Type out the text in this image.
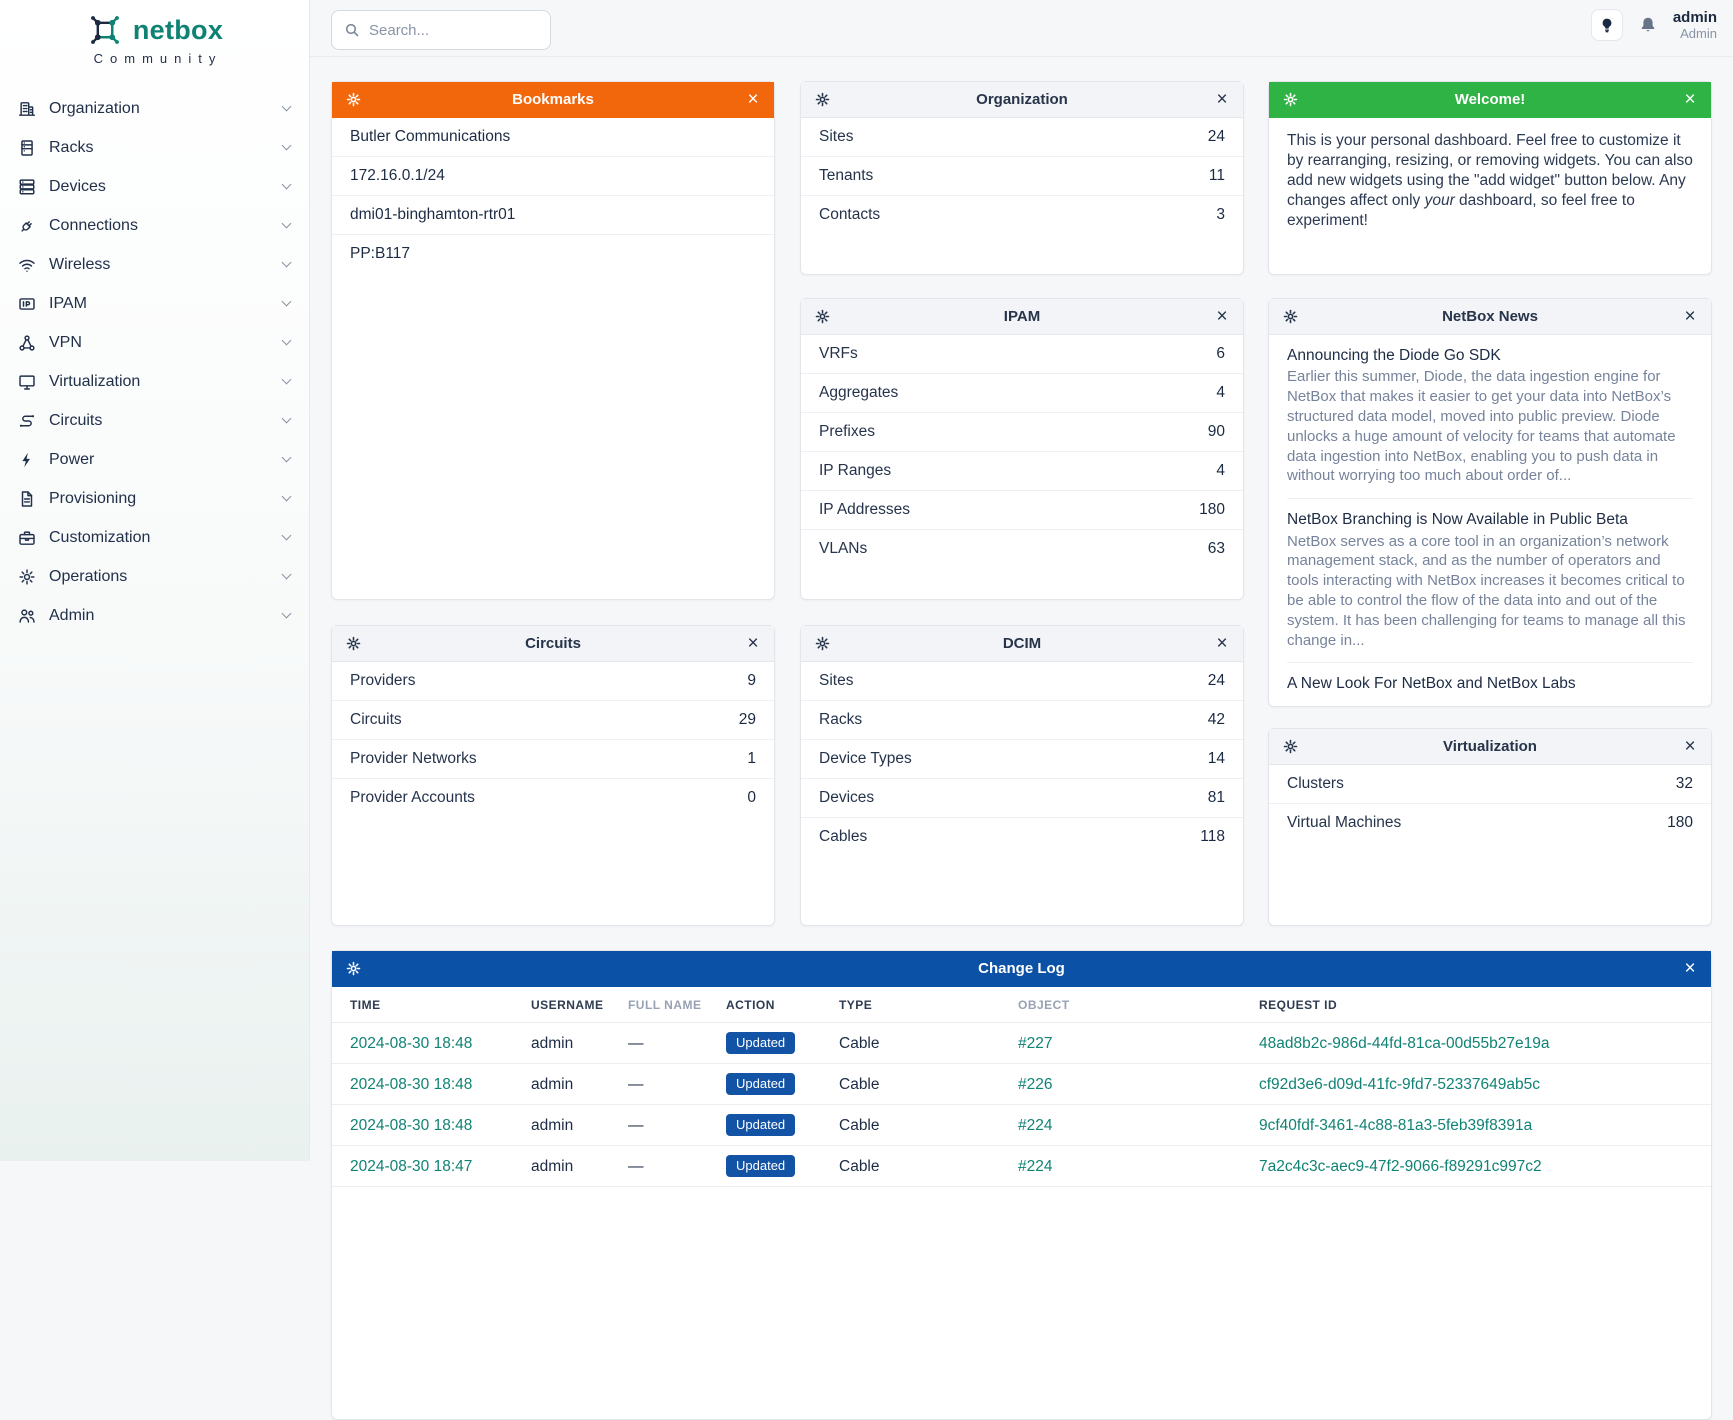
netbox
Community
Organization
Racks
Devices
Connections
Wireless
IPAM
VPN
Virtualization
Circuits
Power
Provisioning
Customization
Operations
Admin
Search...
admin
Admin
Bookmarks
×
Butler Communications
172.16.0.1/24
dmi01-binghamton-rtr01
PP:B117
Circuits
×
Providers	9
Circuits	29
Provider Networks	1
Provider Accounts	0
Organization
×
Sites	24
Tenants	11
Contacts	3
IPAM
×
VRFs	6
Aggregates	4
Prefixes	90
IP Ranges	4
IP Addresses	180
VLANs	63
DCIM
×
Sites	24
Racks	42
Device Types	14
Devices	81
Cables	118
Welcome!
×
This is your personal dashboard. Feel free to customize it by rearranging, resizing, or removing widgets. You can also add new widgets using the "add widget" button below. Any changes affect only your dashboard, so feel free to experiment!
NetBox News
×
Announcing the Diode Go SDK
Earlier this summer, Diode, the data ingestion engine for NetBox that makes it easier to get your data into NetBox’s structured data model, moved into public preview. Diode unlocks a huge amount of velocity for teams that automate data ingestion into NetBox, enabling you to push data in without worrying too much about order of...
NetBox Branching is Now Available in Public Beta
NetBox serves as a core tool in an organization’s network management stack, and as the number of operators and tools interacting with NetBox increases it becomes critical to be able to control the flow of the data into and out of the system. It has been challenging for teams to manage all this change in...
A New Look For NetBox and NetBox Labs
Virtualization
×
Clusters	32
Virtual Machines	180
Change Log
×
TIME	USERNAME	FULL NAME	ACTION	TYPE	OBJECT	REQUEST ID
2024-08-30 18:48	admin	—	Updated	Cable	#227	48ad8b2c-986d-44fd-81ca-00d55b27e19a
2024-08-30 18:48	admin	—	Updated	Cable	#226	cf92d3e6-d09d-41fc-9fd7-52337649ab5c
2024-08-30 18:48	admin	—	Updated	Cable	#224	9cf40fdf-3461-4c88-81a3-5feb39f8391a
2024-08-30 18:47	admin	—	Updated	Cable	#224	7a2c4c3c-aec9-47f2-9066-f89291c997c2
